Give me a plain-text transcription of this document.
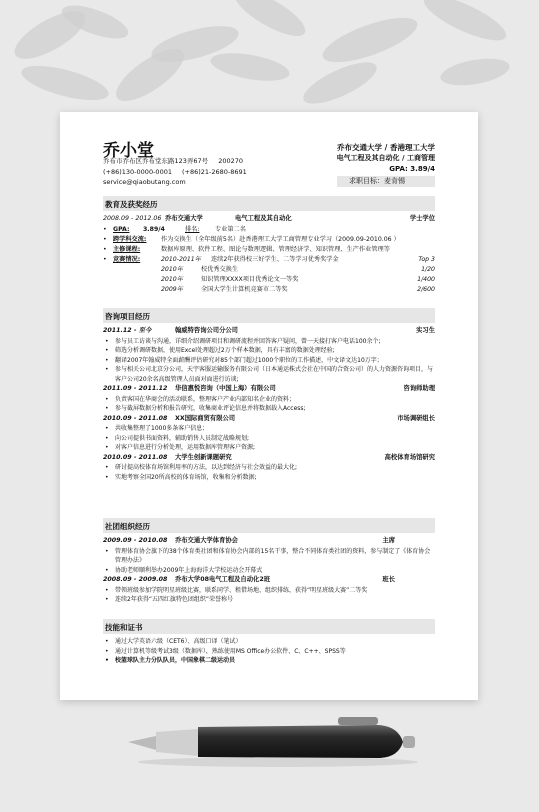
乔小堂
乔布市乔布区乔布堂东路123弄67号 200270
(+86)130-0000-0001 (+86)21-2680-8691
service@qiaobutang.com
乔布交通大学 / 香港理工大学
电气工程及其自动化 / 工商管理
GPA: 3.89/4
求职目标：麦肯锡
教育及获奖经历
2008.09 - 2012.06 乔布交通大学	电气工程及其自动化	学士学位
•	GPA:	3.89/4	排名:	专业第二名
•	跨学科交流:	作为交换生（全年级前5名）赴香港理工大学工商管理专业学习（2009.09-2010.06 ）
•	主修课程:	数据库原理、软件工程、图论与数理逻辑、管理经济学、知识管理、生产作业管理等
•	竞赛情况:	2010-2011年	连续2年获得校三好学生、二等学习优秀奖学金	Top 3
2010年	校优秀交换生	1/20
2010年	知识管理XXXX项目优秀论文一等奖	1/400
2009年	全国大学生计算机竞赛市二等奖	2/600
咨询项目经历
2011.12 - 至今	翰威特咨询公司分公司	实习生
•	参与员工访谈与沟通，详细介绍调研项目和调研流程并回答客户疑问，曾一天接打客户电话100余个;
•	筛选分析调研数据，使用Excel处理超过2万个样本数据，具有丰富的数据处理经验;
•	翻译2007年翰威特全面薪酬评估研究对85个部门超过1000个职位的工作描述，中文译文达10万字；
•	参与相关公司北京分公司，天宇客服运输服务有限公司（日本通运株式会社在中国的合资公司）的人力资源咨询项目，与客户公司20余名高级管理人员面对面进行访谈;
2011.09 - 2011.12	华信惠悦咨询（中国上海）有限公司	咨询师助理
•	负责客国在华商会的活动联系，整理客户产业内部知名企业的资料；
•	参与截屏数据分析和报告研究，收集商业评论信息并将数据载入Access;
2010.09 - 2011.08	XX国际商贸有限公司	市场调研组长
•	共收集整理了1000多条客户信息；
•	向公司提供书面资料，辅助销售人员制定战略规划;
•	对客户信息进行分析处理，运用数据库管理客户资源;
2010.09 - 2011.08	大学生创新课题研究	高校体育场馆研究
•	研讨提高校体育场馆利用率的方法，以达到经济与社会效益的最大化;
•	实地考察全国20所高校的体育场馆，收集和分析数据;
社团组织经历
2009.09 - 2010.08	乔布交通大学体育协会	主席
•	管理体育协会旗下的38个体育类社团和体育协会内部的15名干事，整合不同体育类社团的资料，参与制定了《体育协会管理办法》
•	协助老师顺利举办2009年上海海洋大学校运动会开幕式
2008.09 - 2009.08	乔布大学08电气工程及自动化2班	班长
•	带领班级参加学院明星班级比赛，联系同学、租借场地、组织排练，获得“明星班级大赛”二等奖
•	连续2年获得“五四红旗特色团组织”荣誉称号
技能和证书
•	通过大学英语六级（CET6）、高级口译（笔试）
•	通过计算机等级考试3级（数据库），熟练使用MS Office办公软件、C、C++、SPSS等
•	校篮球队主力分队队员，中国象棋二级运动员
